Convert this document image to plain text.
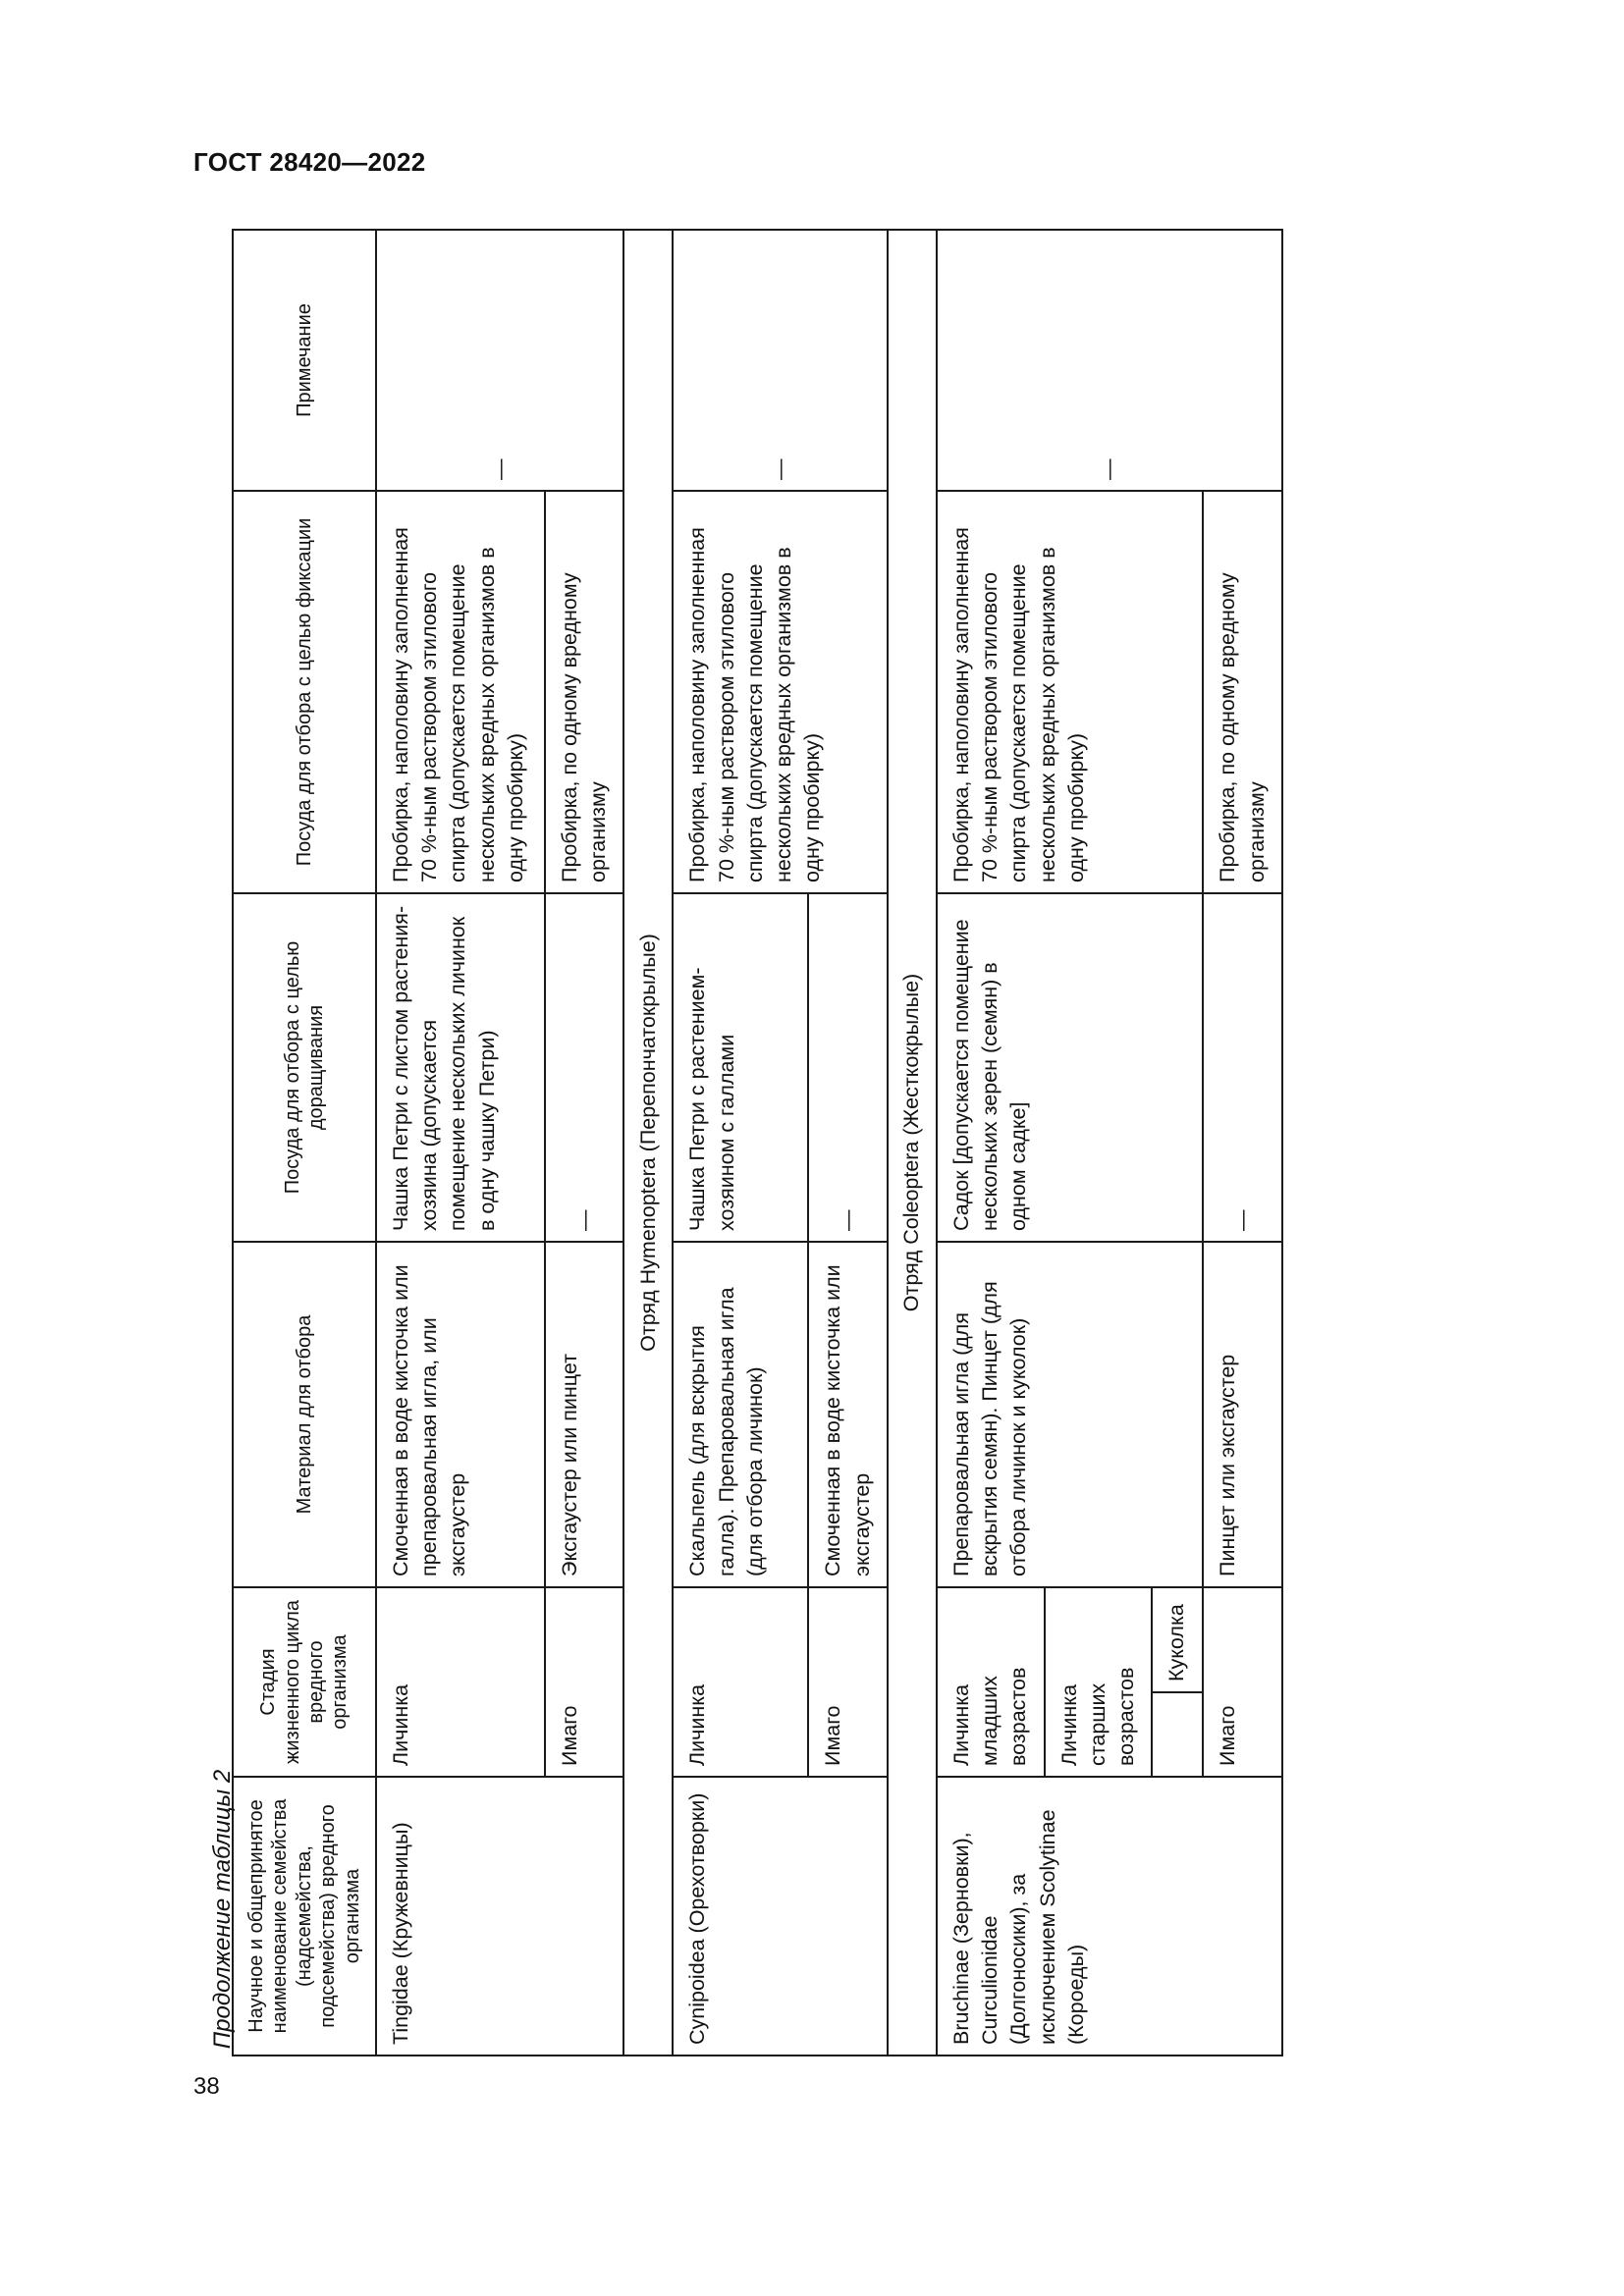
ГОСТ 28420—2022
Продолжение таблицы 2
38
Научное и общепринятое наименование семейства (надсемейства, подсемейства) вредного организма	Стадия жизненного цикла вредного организма		Материал для отбора	Посуда для отбора с целью доращивания	Посуда для отбора с целью фиксации	Примечание
Tingidae (Кружевницы)	Личинка		Смоченная в воде кисточка или препаровальная игла, или эксгаустер	Чашка Петри с листом растения-хозяина (допускается помещение нескольких личинок в одну чашку Петри)	Пробирка, наполовину заполненная 70 %-ным раствором этилового спирта (допускается помещение нескольких вредных организмов в одну пробирку)	—
	Имаго		Эксгаустер или пинцет	—	Пробирка, по одному вредному организму	
Отряд Hymenoptera (Перепончатокрылые)						
Cynipoidea (Орехотворки)	Личинка		Скальпель (для вскрытия галла). Препаровальная игла (для отбора личинок)	Чашка Петри с растением-хозяином с галлами	Пробирка, наполовину заполненная 70 %-ным раствором этилового спирта (допускается помещение нескольких вредных организмов в одну пробирку)	—
	Имаго		Смоченная в воде кисточка или эксгаустер	—		
Отряд Coleoptera (Жесткокрылые)						
Bruchinae (Зерновки), Curculionidae (Долгоносики), за исключением Scolytinae (Короеды)	Личинка младших возрастов		Препаровальная игла (для вскрытия семян). Пинцет (для отбора личинок и куколок)	Садок [допускается помещение нескольких зерен (семян) в одном садке]	Пробирка, наполовину заполненная 70 %-ным раствором этилового спирта (допускается помещение нескольких вредных организмов в одну пробирку)	—
	Личинка старших возрастов					
		Куколка				
	Имаго		Пинцет или эксгаустер	—	Пробирка, по одному вредному организму	
